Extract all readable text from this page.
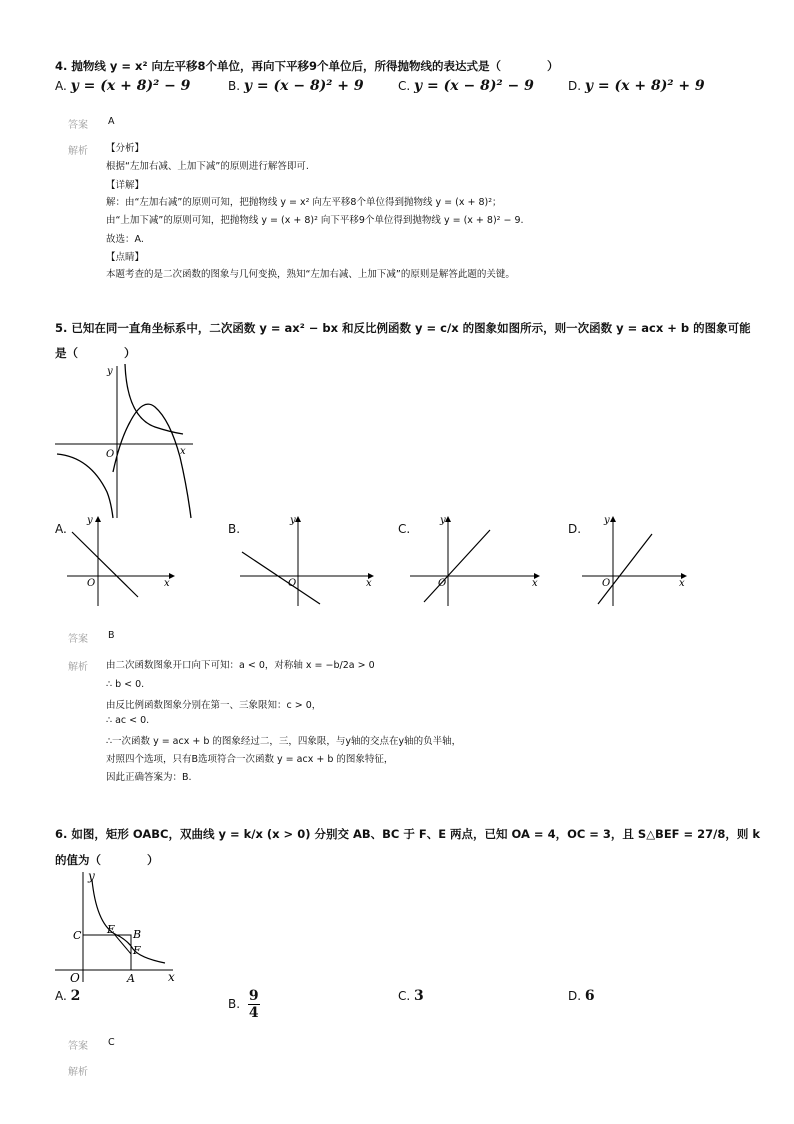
4. 抛物线 y = x² 向左平移8个单位，再向下平移9个单位后，所得抛物线的表达式是（　　　　）
A. y = (x + 8)² − 9	B. y = (x − 8)² + 9	C. y = (x − 8)² − 9	D. y = (x + 8)² + 9
答案 A
解析 【分析】
根据“左加右减、上加下减”的原则进行解答即可.
【详解】
解：由“左加右减”的原则可知，把抛物线 y = x² 向左平移8个单位得到抛物线 y = (x + 8)²；
由“上加下减”的原则可知，把抛物线 y = (x + 8)² 向下平移9个单位得到抛物线 y = (x + 8)² − 9.
故选：A.
【点睛】
本题考查的是二次函数的图象与几何变换，熟知“左加右减、上加下减”的原则是解答此题的关键。
5. 已知在同一直角坐标系中，二次函数 y = ax² − bx 和反比例函数 y = c/x 的图象如图所示，则一次函数 y = acx + b 的图象可能
是（　　　　）
y
x
O
A.
y
x
O
B.
y
x
O
C.
y
x
O
D.
y
x
O
答案 B
解析 由二次函数图象开口向下可知：a < 0，对称轴 x = −b/2a > 0
∴ b < 0.
由反比例函数图象分别在第一、三象限知：c > 0，
∴ ac < 0.
∴一次函数 y = acx + b 的图象经过二，三，四象限，与y轴的交点在y轴的负半轴，
对照四个选项，只有B选项符合一次函数 y = acx + b 的图象特征，
因此正确答案为：B.
6. 如图，矩形 OABC，双曲线 y = k/x (x > 0) 分别交 AB、BC 于 F、E 两点，已知 OA = 4，OC = 3，且 S△BEF = 27/8，则 k
的值为（　　　　）
y
x
O	A
B
C E
F
A. 2	B. $\frac{9}{4}$	C. 3	D. 6
答案 C
解析
